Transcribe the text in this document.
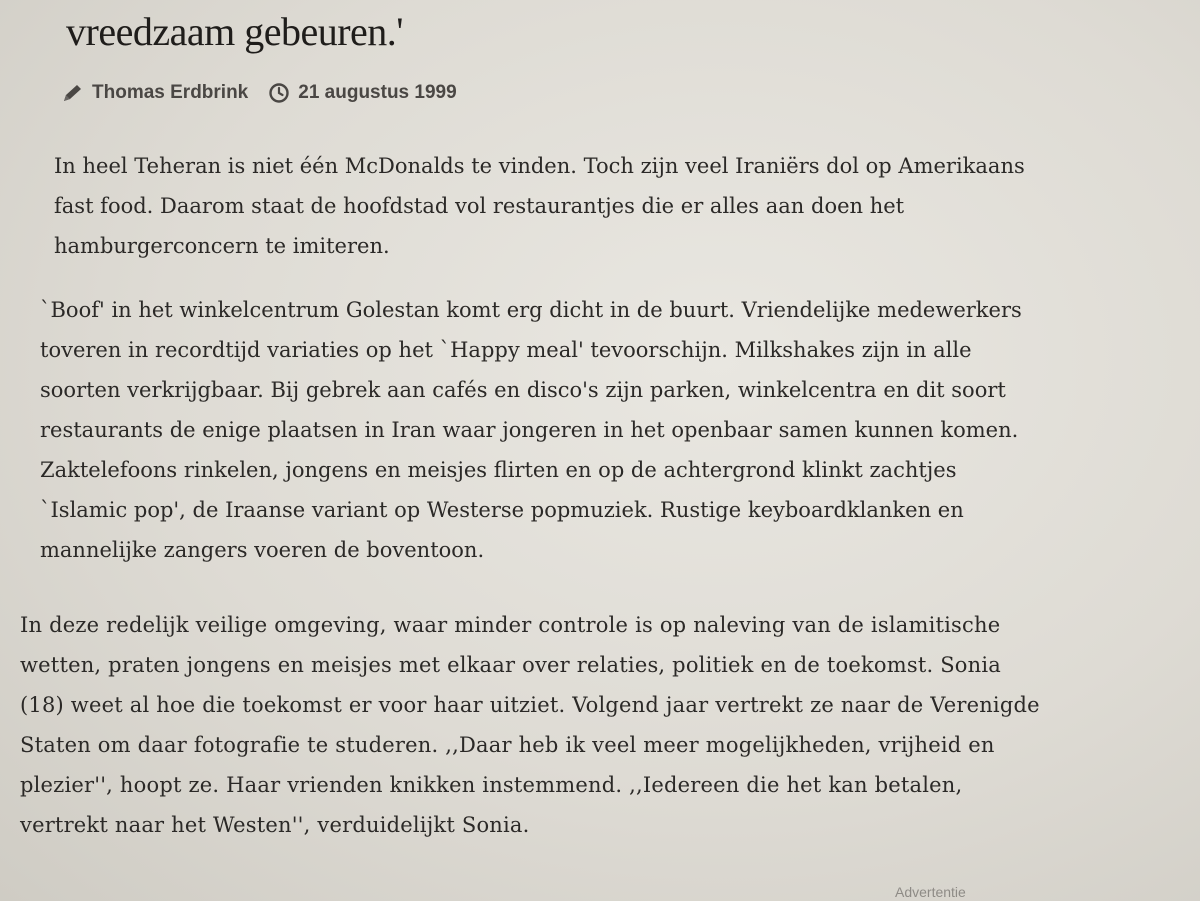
vreedzaam gebeuren.'
Thomas Erdbrink	21 augustus 1999

In heel Teheran is niet één McDonalds te vinden. Toch zijn veel Iraniërs dol op Amerikaans
fast food. Daarom staat de hoofdstad vol restaurantjes die er alles aan doen het
hamburgerconcern te imiteren.

`Boof' in het winkelcentrum Golestan komt erg dicht in de buurt. Vriendelijke medewerkers
toveren in recordtijd variaties op het `Happy meal' tevoorschijn. Milkshakes zijn in alle
soorten verkrijgbaar. Bij gebrek aan cafés en disco's zijn parken, winkelcentra en dit soort
restaurants de enige plaatsen in Iran waar jongeren in het openbaar samen kunnen komen.
Zaktelefoons rinkelen, jongens en meisjes flirten en op de achtergrond klinkt zachtjes
`Islamic pop', de Iraanse variant op Westerse popmuziek. Rustige keyboardklanken en
mannelijke zangers voeren de boventoon.

In deze redelijk veilige omgeving, waar minder controle is op naleving van de islamitische
wetten, praten jongens en meisjes met elkaar over relaties, politiek en de toekomst. Sonia
(18) weet al hoe die toekomst er voor haar uitziet. Volgend jaar vertrekt ze naar de Verenigde
Staten om daar fotografie te studeren. ,,Daar heb ik veel meer mogelijkheden, vrijheid en
plezier'', hoopt ze. Haar vrienden knikken instemmend. ,,Iedereen die het kan betalen,
vertrekt naar het Westen'', verduidelijkt Sonia.

Advertentie
